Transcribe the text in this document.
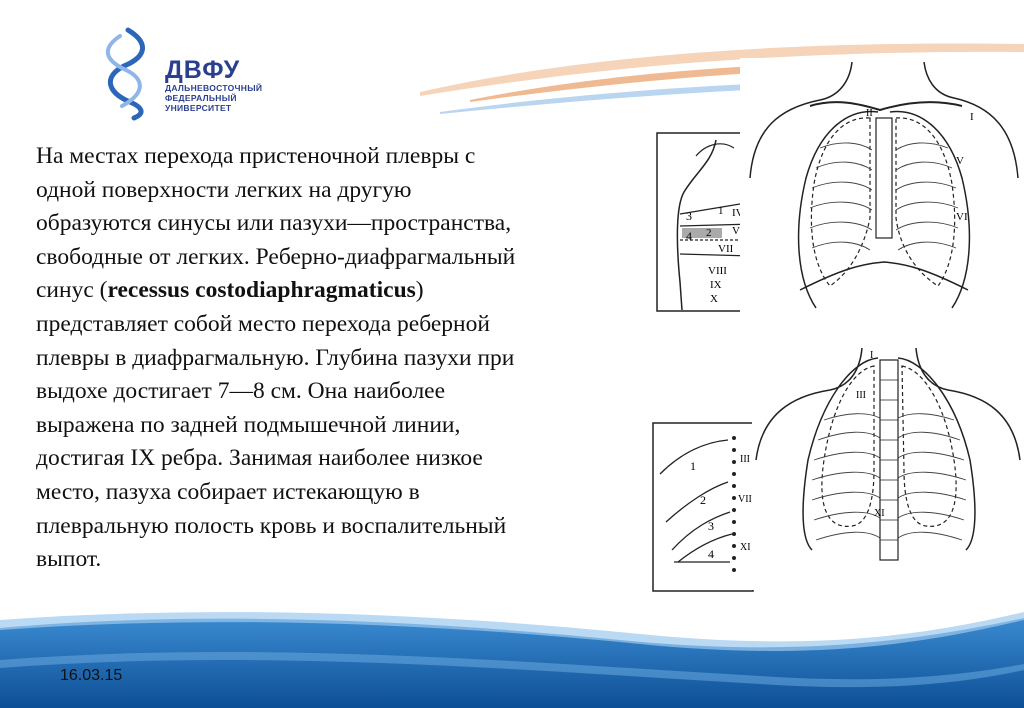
ДВФУ
ДАЛЬНЕВОСТОЧНЫЙ
ФЕДЕРАЛЬНЫЙ
УНИВЕРСИТЕТ

На местах перехода пристеночной плевры с

одной поверхности легких на другую

образуются синусы или пазухи—пространства,

свободные от легких. Реберно-диафрагмальный

синус (recessus costodiaphragmaticus)

представляет собой место перехода реберной

плевры в диафрагмальную. Глубина пазухи при

выдохе достигает 7—8 см. Она наиболее

выражена по задней подмышечной линии,

достигая IX ребра. Занимая наиболее низкое

место, пазуха собирает истекающую в

плевральную полость кровь и воспалительный

выпот.

3 1 IV
2 V
4
VII VI
VIII
IX
X
I
V
VI
II
1	III
2
3
VII
4	XI
I
III
XI
16.03.15
